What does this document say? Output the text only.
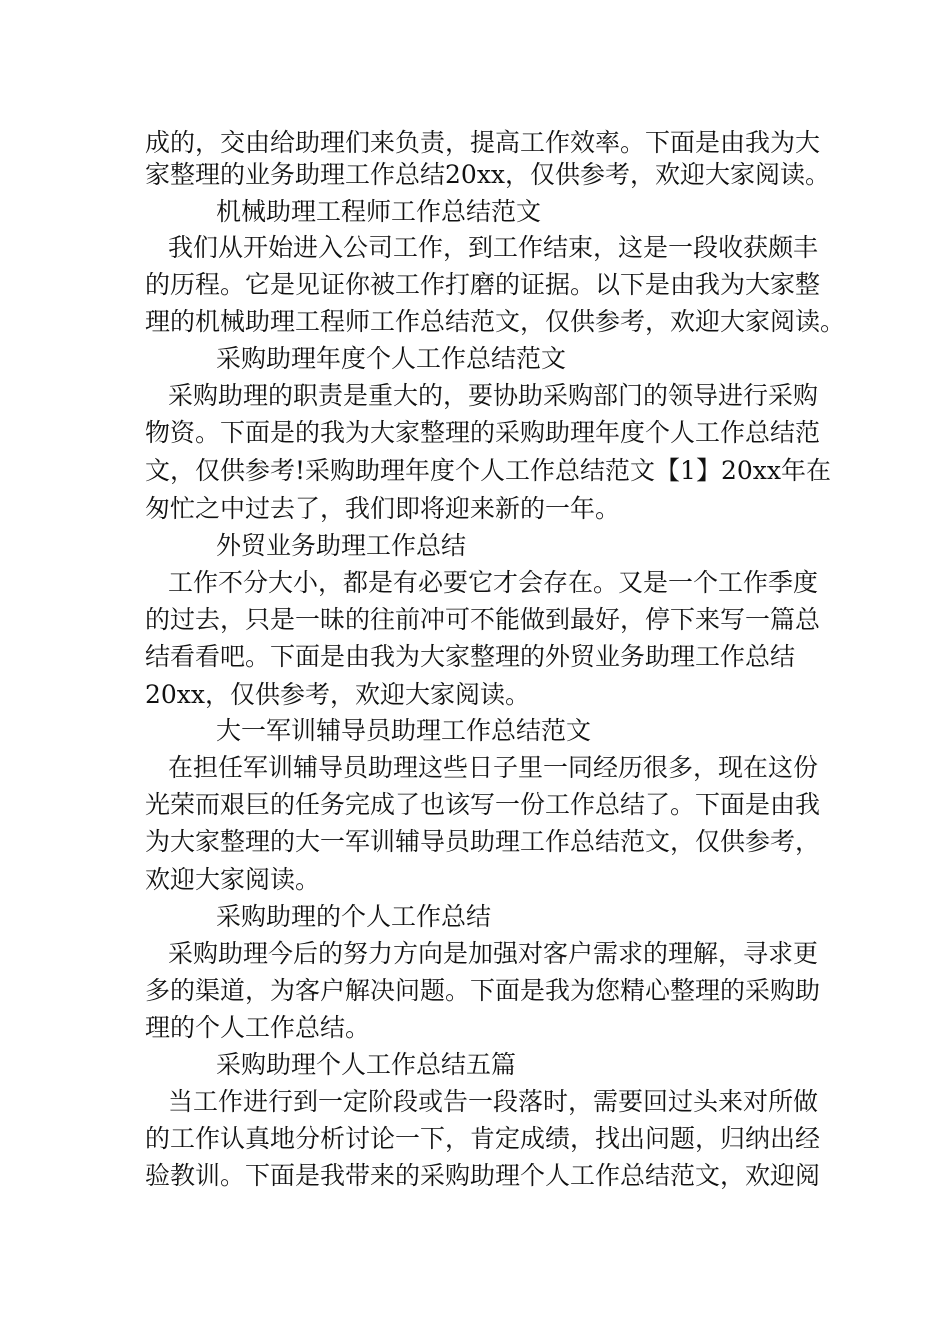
成的，交由给助理们来负责，提高工作效率。下面是由我为大
家整理的业务助理工作总结20xx，仅供参考，欢迎大家阅读。
机械助理工程师工作总结范文
我们从开始进入公司工作，到工作结束，这是一段收获颇丰
的历程。它是见证你被工作打磨的证据。以下是由我为大家整
理的机械助理工程师工作总结范文，仅供参考，欢迎大家阅读。
采购助理年度个人工作总结范文
采购助理的职责是重大的，要协助采购部门的领导进行采购
物资。下面是的我为大家整理的采购助理年度个人工作总结范
文，仅供参考!采购助理年度个人工作总结范文【1】20xx年在
匆忙之中过去了，我们即将迎来新的一年。
外贸业务助理工作总结
工作不分大小，都是有必要它才会存在。又是一个工作季度
的过去，只是一昧的往前冲可不能做到最好，停下来写一篇总
结看看吧。下面是由我为大家整理的外贸业务助理工作总结
20xx，仅供参考，欢迎大家阅读。
大一军训辅导员助理工作总结范文
在担任军训辅导员助理这些日子里一同经历很多，现在这份
光荣而艰巨的任务完成了也该写一份工作总结了。下面是由我
为大家整理的大一军训辅导员助理工作总结范文，仅供参考，
欢迎大家阅读。
采购助理的个人工作总结
采购助理今后的努力方向是加强对客户需求的理解，寻求更
多的渠道，为客户解决问题。下面是我为您精心整理的采购助
理的个人工作总结。
采购助理个人工作总结五篇
当工作进行到一定阶段或告一段落时，需要回过头来对所做
的工作认真地分析讨论一下，肯定成绩，找出问题，归纳出经
验教训。下面是我带来的采购助理个人工作总结范文，欢迎阅
